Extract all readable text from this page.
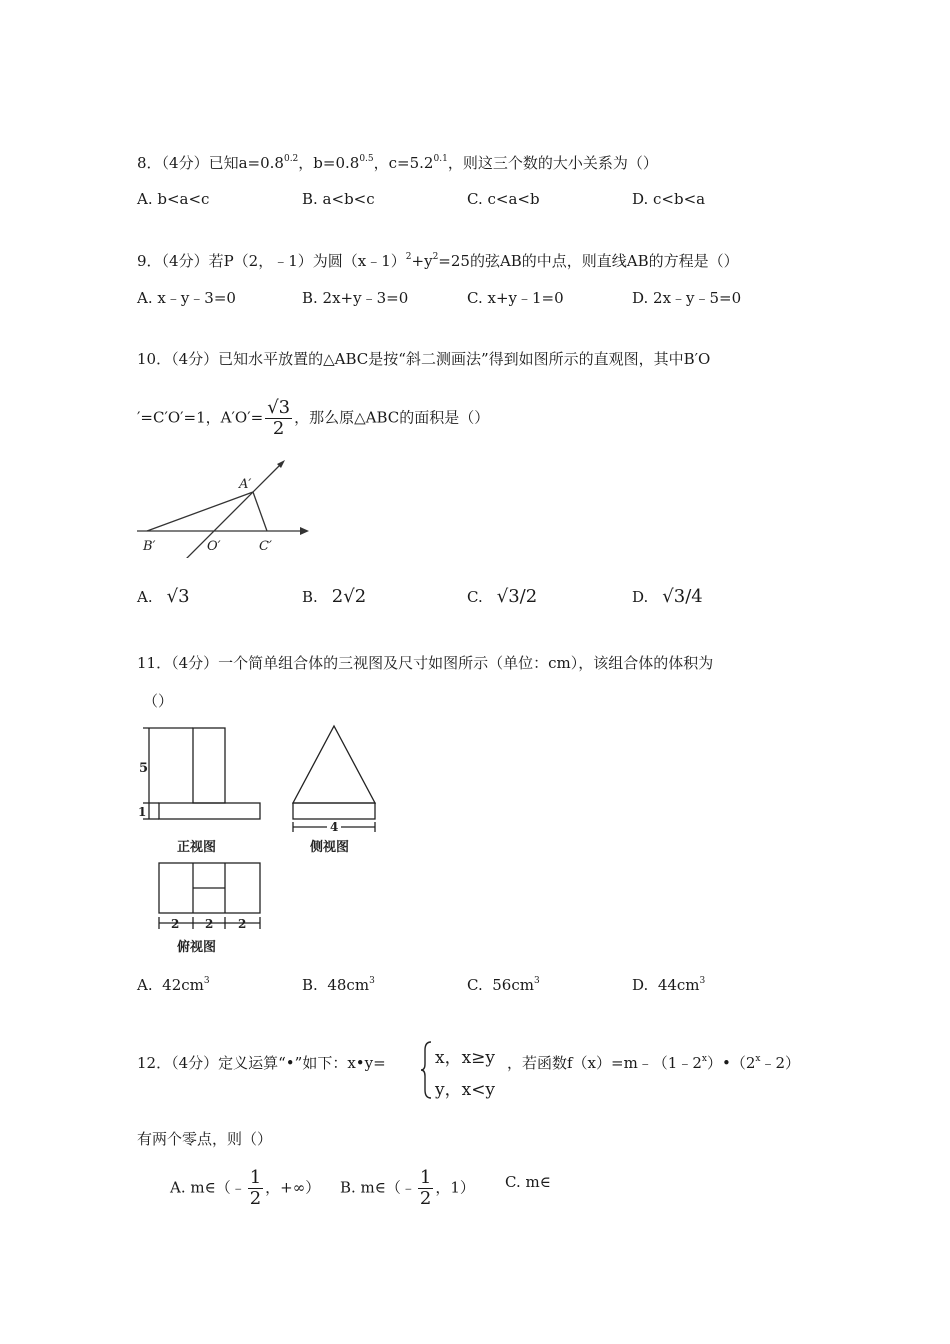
8．（4分）已知$a=0.8^{0.2}$，$b=0.8^{0.5}$，$c=5.2^{0.1}$，则这三个数的大小关系为（）
A. b<a<c	B. a<b<c	C. c<a<b	D. c<b<a
9．（4分）若P（2，﹣1）为圆$(x﹣1)^2+y^2=25$的弦AB的中点，则直线AB的方程是（）
A. x﹣y﹣3=0	B. 2x+y﹣3=0	C. x+y﹣1=0	D. 2x﹣y﹣5=0
10．（4分）已知水平放置的△ABC是按“斜二测画法”得到如图所示的直观图，其中B′O
′=C′O′=1，$A'O'= \frac{√3}{2}$ ，那么原△ABC的面积是（）
A′
B′	O′	C′
A. √3	B. 2√2	C. √3/2	D. √3/4
11．（4分）一个简单组合体的三视图及尺寸如图所示（单位：cm），该组合体的体积为
（）
5
1
4
2 2 2
正视图	侧视图
俯视图
A. $42cm^3$	B. $48cm^3$	C. $56cm^3$	D. $44cm^3$
12．（4分）定义运算“•”如下：x•y=	x，x≥y
y，x<y
，若函数$f(x)=m﹣(1﹣2^x)•(2^x﹣2)$
有两个零点，则（）
A. m∈（﹣ $\frac{1}{2}$ ，+∞） B. m∈（﹣ $\frac{1}{2}$ ，1） C. m∈
